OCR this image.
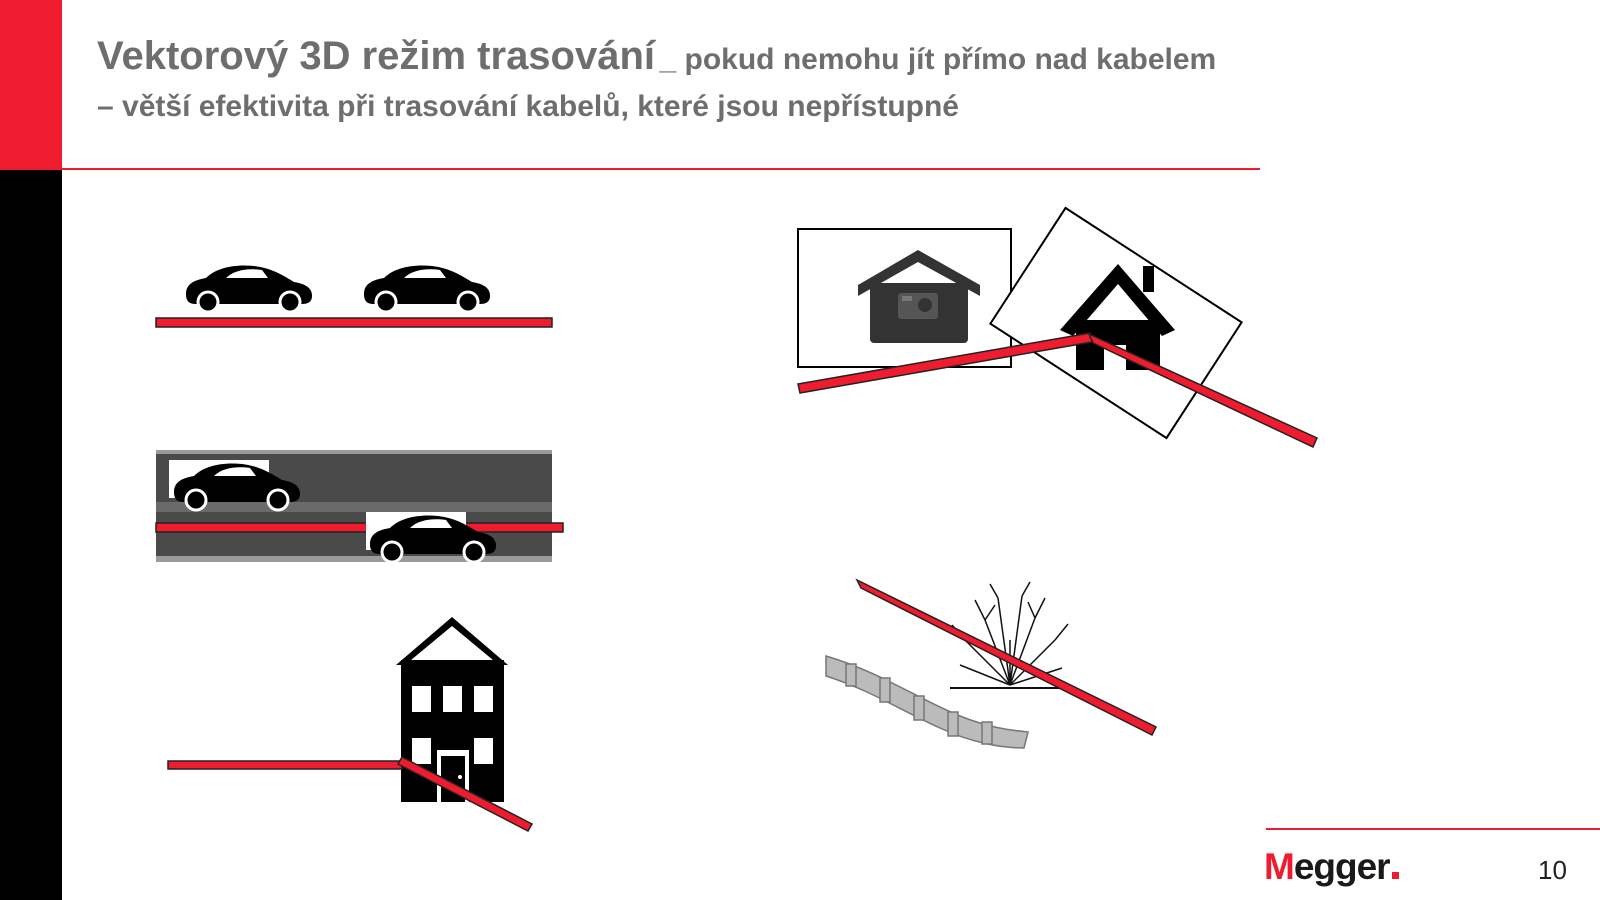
Vektorový 3D režim trasování _ pokud nemohu jít přímo nad kabelem
– větší efektivita při trasování kabelů, které jsou nepřístupné
Megger	10
